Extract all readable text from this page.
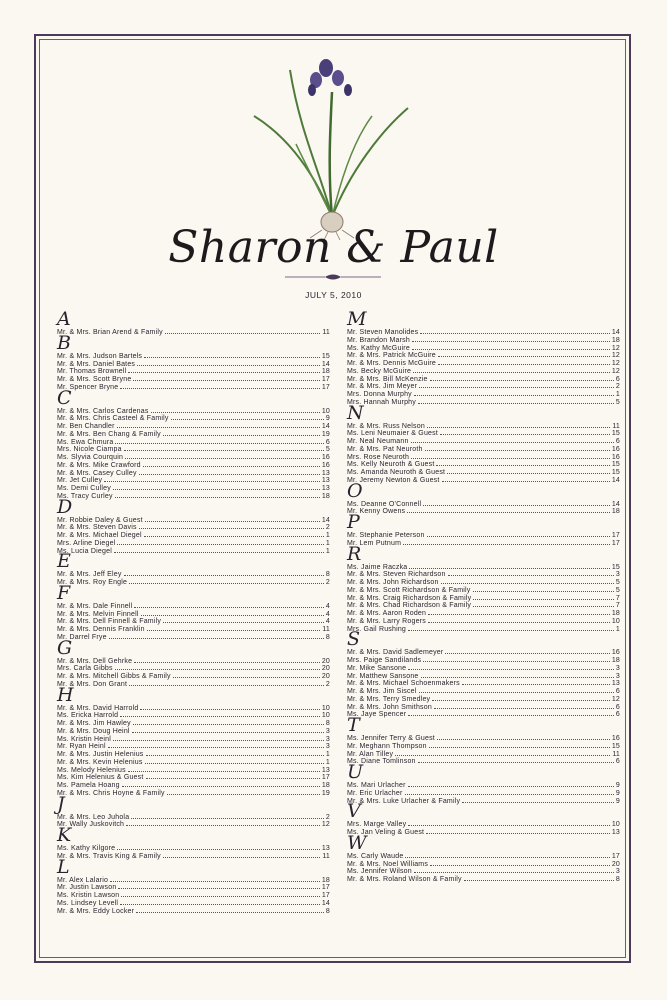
Sharon & Paul
JULY 5, 2010
A
Mr. & Mrs. Brian Arend & Family	11
B
Mr. & Mrs. Judson Bartels	15
Mr. & Mrs. Daniel Bates	14
Mr. Thomas Brownell	18
Mr. & Mrs. Scott Bryne	17
Mr. Spencer Bryne	17
C
Mr. & Mrs. Carlos Cardenas	10
Mr. & Mrs. Chris Casteel & Family	9
Mr. Ben Chandler	14
Mr. & Mrs. Ben Chang & Family	19
Ms. Ewa Chmura	6
Mrs. Nicole Ciampa	5
Ms. Slyvia Courquin	16
Mr. & Mrs. Mike Crawford	16
Mr. & Mrs. Casey Culley	13
Mr. Jet Culley	13
Ms. Demi Culley	13
Ms. Tracy Curley	18
D
Mr. Robbie Daley & Guest	14
Mr. & Mrs. Steven Davis	2
Mr. & Mrs. Michael Diegel	1
Mrs. Arline Diegel	1
Ms. Lucia Diegel	1
E
Mr. & Mrs. Jeff Eley	8
Mr. & Mrs. Roy Engle	2
F
Mr. & Mrs. Dale Finnell	4
Mr. & Mrs. Melvin Finnell	4
Mr. & Mrs. Dell Finnell & Family	4
Mr. & Mrs. Dennis Franklin	11
Mr. Darrel Frye	8
G
Mr. & Mrs. Dell Gehrke	20
Mrs. Carla Gibbs	20
Mr. & Mrs. Mitchell Gibbs & Family	20
Mr. & Mrs. Don Grant	2
H
Mr. & Mrs. David Harrold	10
Ms. Ericka Harrold	10
Mr. & Mrs. Jim Hawley	8
Mr. & Mrs. Doug Heinl	3
Ms. Kristin Heinl	3
Mr. Ryan Heinl	3
Mr. & Mrs. Justin Helenius	1
Mr. & Mrs. Kevin Helenius	1
Ms. Melody Helenius	13
Ms. Kim Helenius & Guest	17
Ms. Pamela Hoang	18
Mr. & Mrs. Chris Hoyne & Family	19
J
Mr. & Mrs. Leo Juhola	2
Mr. Wally Juskovitch	12
K
Ms. Kathy Kilgore	13
Mr. & Mrs. Travis King & Family	11
L
Mr. Alex Lalario	18
Mr. Justin Lawson	17
Ms. Kristin Lawson	17
Ms. Lindsey Levell	14
Mr. & Mrs. Eddy Locker	8
M
Mr. Steven Manolides	14
Mr. Brandon Marsh	18
Ms. Kathy McGuire	12
Mr. & Mrs. Patrick McGuire	12
Mr. & Mrs. Dennis McGuire	12
Ms. Becky McGuire	12
Mr. & Mrs. Bill McKenzie	6
Mr. & Mrs. Jim Meyer	2
Mrs. Donna Murphy	1
Mrs. Hannah Murphy	5
N
Mr. & Mrs. Russ Nelson	11
Ms. Leni Neumaier & Guest	15
Mr. Neal Neumann	6
Mr. & Mrs. Pat Neuroth	16
Mrs. Rose Neuroth	16
Ms. Kelly Neuroth & Guest	15
Ms. Amanda Neuroth & Guest	15
Mr. Jeremy Newton & Guest	14
O
Ms. Deanne O'Connell	14
Mr. Kenny Owens	18
P
Mr. Stephanie Peterson	17
Mr. Lem Putnum	17
R
Ms. Jaime Raczka	15
Mr. & Mrs. Steven Richardson	3
Mr. & Mrs. John Richardson	5
Mr. & Mrs. Scott Richardson & Family	5
Mr. & Mrs. Craig Richardson & Family	7
Mr. & Mrs. Chad Richardson & Family	7
Mr. & Mrs. Aaron Roden	18
Mr. & Mrs. Larry Rogers	10
Mrs. Gail Rushing	1
S
Mr. & Mrs. David Sadlemeyer	16
Mrs. Paige Sandilands	18
Mr. Mike Sansone	3
Mr. Matthew Sansone	3
Mr. & Mrs. Michael Schoenmakers	13
Mr. & Mrs. Jim Siscel	6
Mr. & Mrs. Terry Smedley	12
Mr. & Mrs. John Smithson	6
Ms. Jaye Spencer	6
T
Ms. Jennifer Terry & Guest	16
Mr. Meghann Thompson	15
Mr. Alan Tilley	11
Ms. Diane Tomlinson	6
U
Ms. Mari Urlacher	9
Mr. Eric Urlacher	9
Mr. & Mrs. Luke Urlacher & Family	9
V
Mrs. Marge Valley	10
Ms. Jan Veling & Guest	13
W
Ms. Carly Waude	17
Mr. & Mrs. Noel Williams	20
Ms. Jennifer Wilson	3
Mr. & Mrs. Roland Wilson & Family	8
